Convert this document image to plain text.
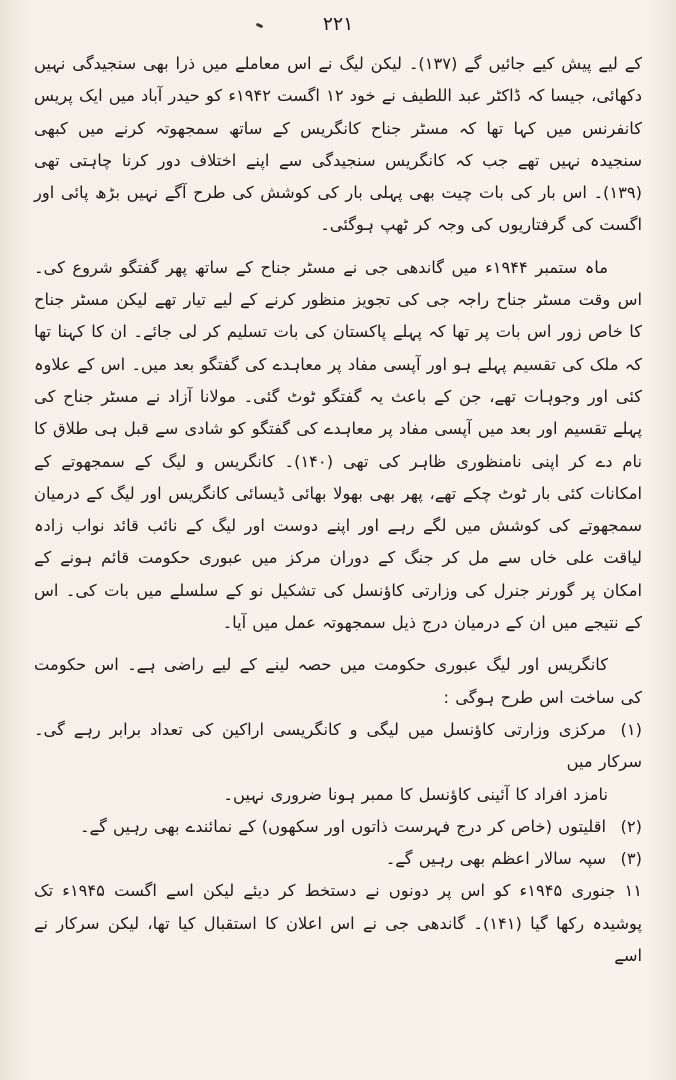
۲۲۱

کے لیے پیش کیے جائیں گے (۱۳۷)۔ لیکن لیگ نے اس معاملے میں ذرا بھی سنجیدگی نہیں دکھائی، جیسا کہ ڈاکٹر عبد اللطیف نے خود ۱۲ اگست ۱۹۴۲ء کو حیدر آباد میں ایک پریس کانفرنس میں کہا تھا کہ مسٹر جناح کانگریس کے ساتھ سمجھوتہ کرنے میں کبھی سنجیدہ نہیں تھے جب کہ کانگریس سنجیدگی سے اپنے اختلاف دور کرنا چاہتی تھی (۱۳۹)۔ اس بار کی بات چیت بھی پہلی بار کی کوشش کی طرح آگے نہیں بڑھ پائی اور اگست کی گرفتاریوں کی وجہ کر ٹھپ ہوگئی۔

ماہ ستمبر ۱۹۴۴ء میں گاندھی جی نے مسٹر جناح کے ساتھ پھر گفتگو شروع کی۔ اس وقت مسٹر جناح راجہ جی کی تجویز منظور کرنے کے لیے تیار تھے لیکن مسٹر جناح کا خاص زور اس بات پر تھا کہ پہلے پاکستان کی بات تسلیم کر لی جائے۔ ان کا کہنا تھا کہ ملک کی تقسیم پہلے ہو اور آپسی مفاد پر معاہدے کی گفتگو بعد میں۔ اس کے علاوہ کئی اور وجوہات تھے، جن کے باعث یہ گفتگو ٹوٹ گئی۔ مولانا آزاد نے مسٹر جناح کی پہلے تقسیم اور بعد میں آپسی مفاد پر معاہدے کی گفتگو کو شادی سے قبل ہی طلاق کا نام دے کر اپنی نامنظوری ظاہر کی تھی (۱۴۰)۔ کانگریس و لیگ کے سمجھوتے کے امکانات کئی بار ٹوٹ چکے تھے، پھر بھی بھولا بھائی ڈیسائی کانگریس اور لیگ کے درمیان سمجھوتے کی کوشش میں لگے رہے اور اپنے دوست اور لیگ کے نائب قائد نواب زادہ لیاقت علی خاں سے مل کر جنگ کے دوران مرکز میں عبوری حکومت قائم ہونے کے امکان پر گورنر جنرل کی وزارتی کاؤنسل کی تشکیل نو کے سلسلے میں بات کی۔ اس کے نتیجے میں ان کے درمیان درج ذیل سمجھوتہ عمل میں آیا۔

کانگریس اور لیگ عبوری حکومت میں حصہ لینے کے لیے راضی ہے۔ اس حکومت کی ساخت اس طرح ہوگی :

(۱)مرکزی وزارتی کاؤنسل میں لیگی و کانگریسی اراکین کی تعداد برابر رہے گی۔ سرکار میں

نامزد افراد کا آئینی کاؤنسل کا ممبر ہونا ضروری نہیں۔

(۲)اقلیتوں (خاص کر درج فہرست ذاتوں اور سکھوں) کے نمائندے بھی رہیں گے۔

(۳)سپہ سالار اعظم بھی رہیں گے۔

۱۱ جنوری ۱۹۴۵ء کو اس پر دونوں نے دستخط کر دیئے لیکن اسے اگست ۱۹۴۵ء تک پوشیدہ رکھا گیا (۱۴۱)۔ گاندھی جی نے اس اعلان کا استقبال کیا تھا، لیکن سرکار نے اسے
